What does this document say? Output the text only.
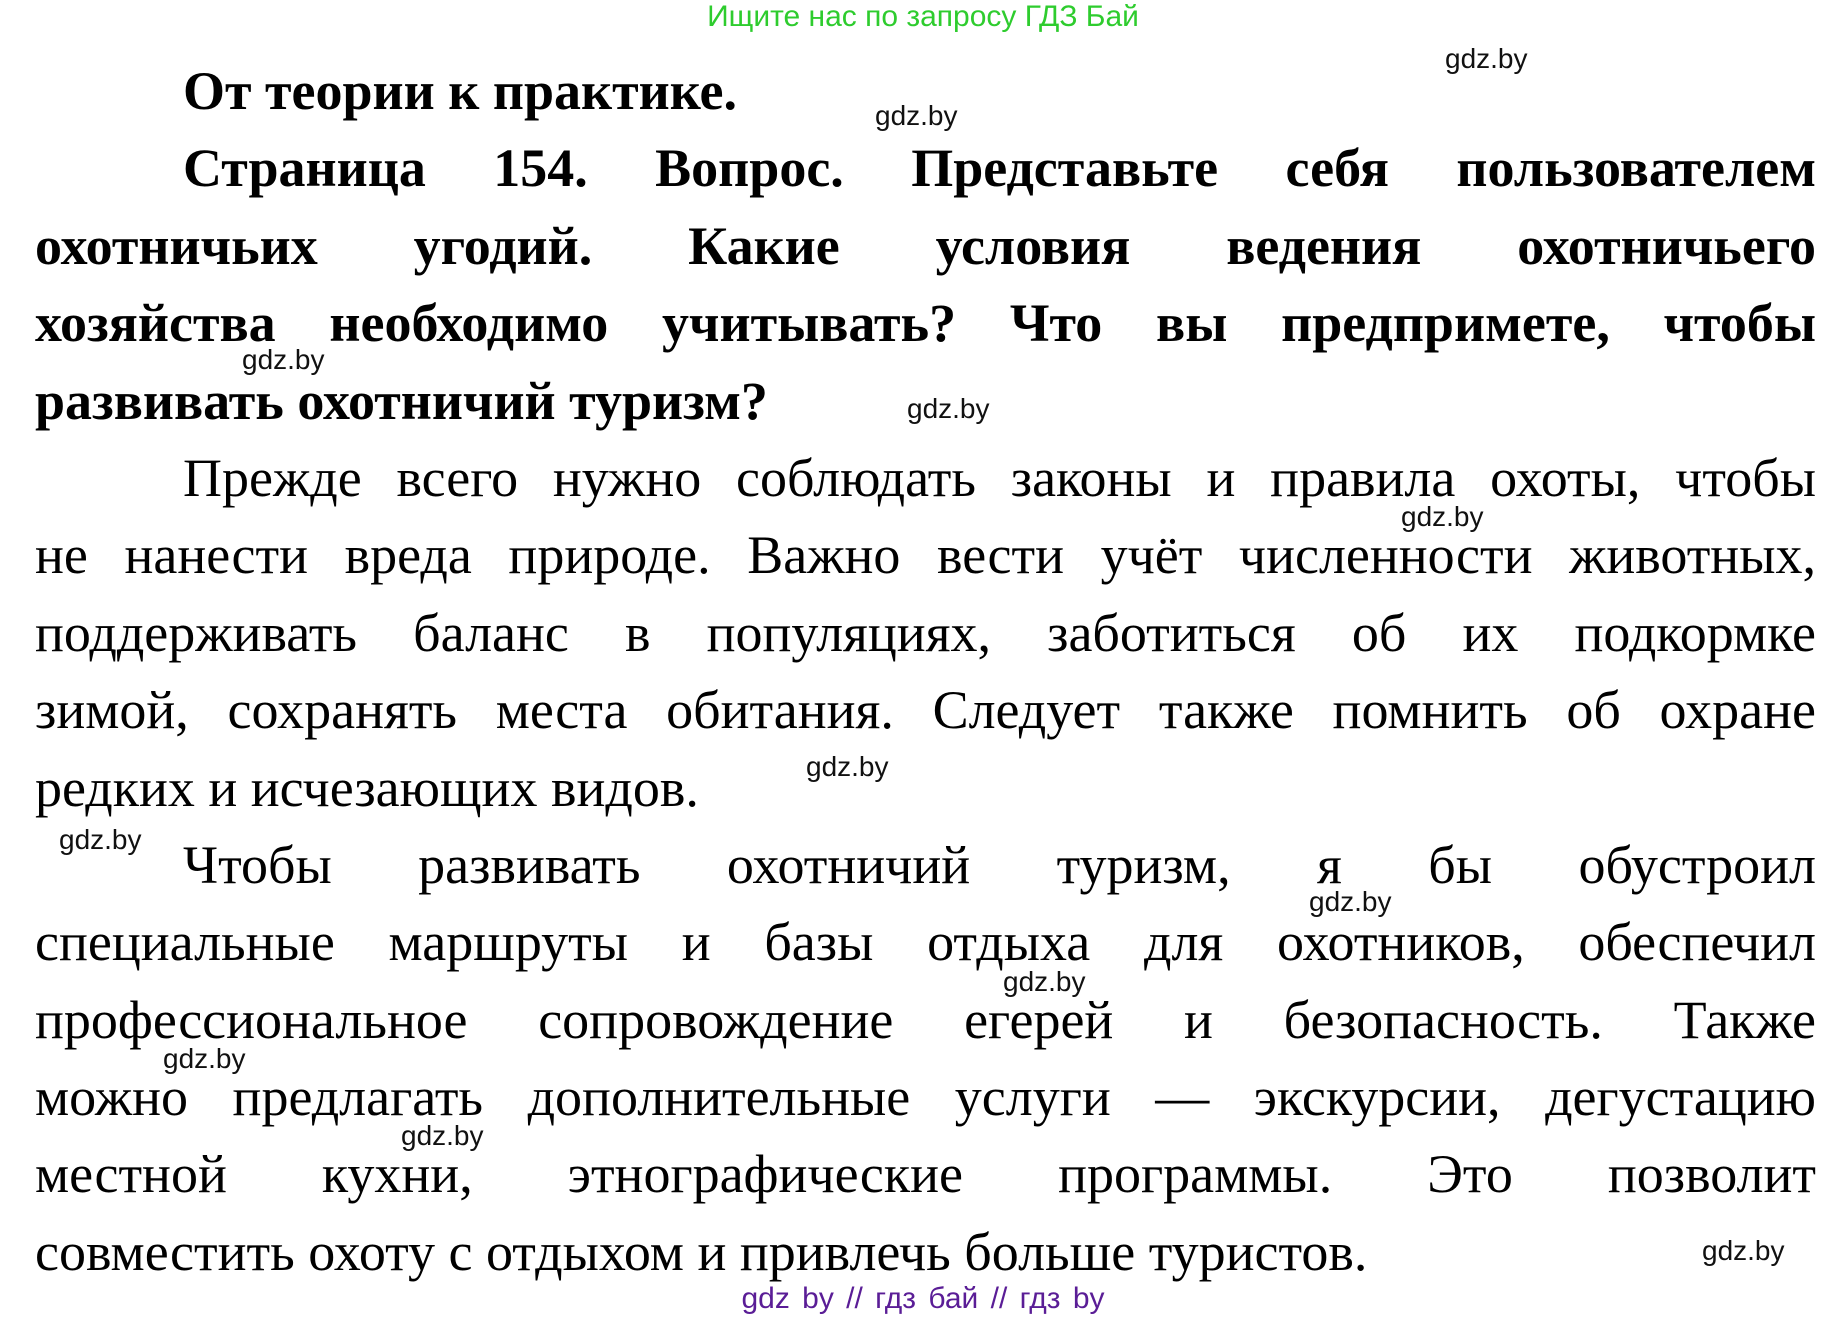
Ищите нас по запросу ГДЗ Бай
От теории к практике.
Страница 154. Вопрос. Представьте себя пользователем
охотничьих угодий. Какие условия ведения охотничьего
хозяйства необходимо учитывать? Что вы предпримете, чтобы
развивать охотничий туризм?
Прежде всего нужно соблюдать законы и правила охоты, чтобы
не нанести вреда природе. Важно вести учёт численности животных,
поддерживать баланс в популяциях, заботиться об их подкормке
зимой, сохранять места обитания. Следует также помнить об охране
редких и исчезающих видов.
Чтобы развивать охотничий туризм, я бы обустроил
специальные маршруты и базы отдыха для охотников, обеспечил
профессиональное сопровождение егерей и безопасность. Также
можно предлагать дополнительные услуги — экскурсии, дегустацию
местной кухни, этнографические программы. Это позволит
совместить охоту с отдыхом и привлечь больше туристов.
gdz.by
gdz.by
gdz.by
gdz.by
gdz.by
gdz.by
gdz.by
gdz.by
gdz.by
gdz.by
gdz.by
gdz.by
gdz by // гдз бай // гдз by
